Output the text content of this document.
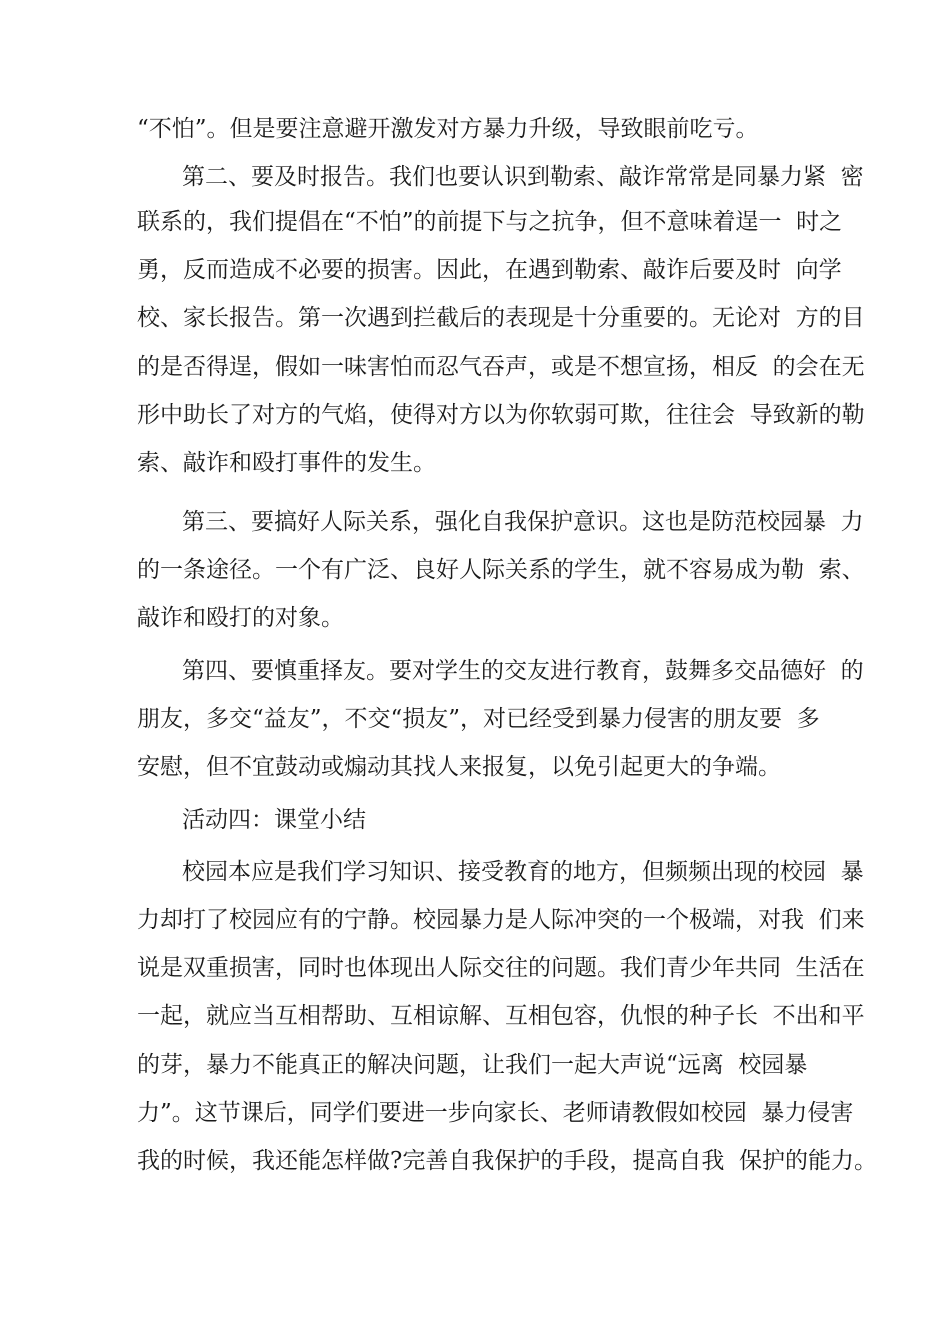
“不怕”。但是要注意避开激发对方暴力升级，导致眼前吃亏。
第二、要及时报告。我们也要认识到勒索、敲诈常常是同暴力紧  密
联系的，我们提倡在“不怕”的前提下与之抗争，但不意味着逞一  时之
勇，反而造成不必要的损害。因此，在遇到勒索、敲诈后要及时  向学
校、家长报告。第一次遇到拦截后的表现是十分重要的。无论对  方的目
的是否得逞，假如一味害怕而忍气吞声，或是不想宣扬，相反  的会在无
形中助长了对方的气焰，使得对方以为你软弱可欺，往往会  导致新的勒
索、敲诈和殴打事件的发生。
第三、要搞好人际关系，强化自我保护意识。这也是防范校园暴  力
的一条途径。一个有广泛、良好人际关系的学生，就不容易成为勒  索、
敲诈和殴打的对象。
第四、要慎重择友。要对学生的交友进行教育，鼓舞多交品德好  的
朋友，多交“益友”，不交“损友”，对已经受到暴力侵害的朋友要  多
安慰，但不宜鼓动或煽动其找人来报复，以免引起更大的争端。
活动四：课堂小结
校园本应是我们学习知识、接受教育的地方，但频频出现的校园  暴
力却打了校园应有的宁静。校园暴力是人际冲突的一个极端，对我  们来
说是双重损害，同时也体现出人际交往的问题。我们青少年共同  生活在
一起，就应当互相帮助、互相谅解、互相包容，仇恨的种子长  不出和平
的芽，暴力不能真正的解决问题，让我们一起大声说“远离  校园暴
力”。这节课后，同学们要进一步向家长、老师请教假如校园  暴力侵害
我的时候，我还能怎样做?完善自我保护的手段，提高自我  保护的能力。
